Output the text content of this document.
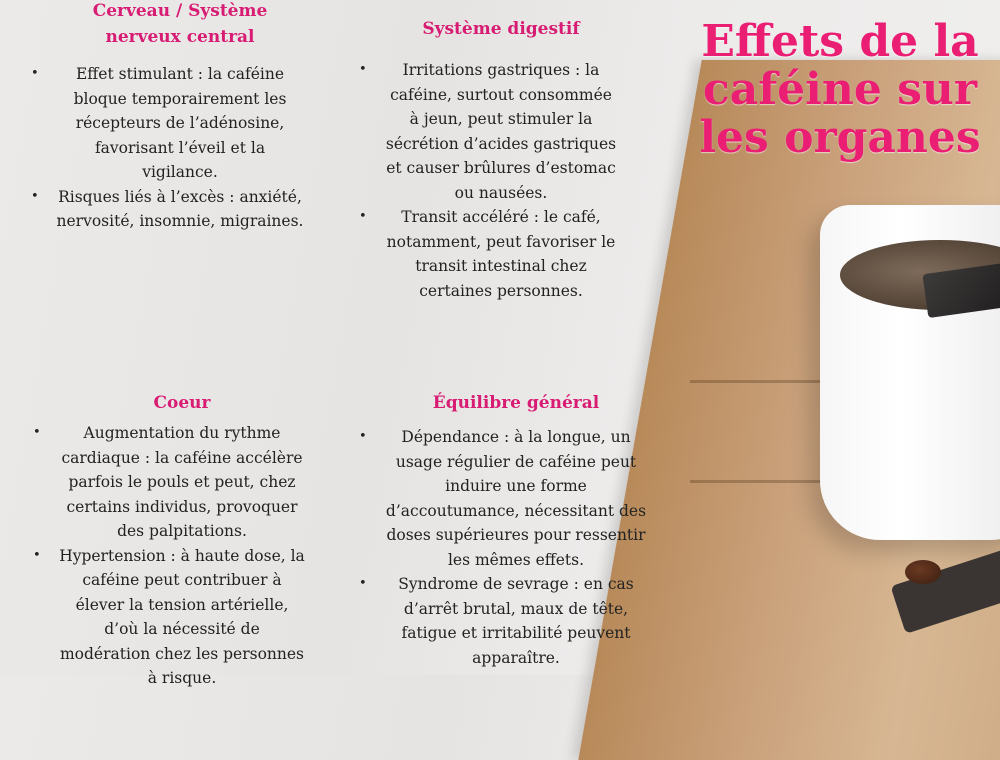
Effets de la caféine sur les organes
Cerveau / Système nerveux central
• Effet stimulant : la caféine bloque temporairement les récepteurs de l’adénosine, favorisant l’éveil et la vigilance.
• Risques liés à l’excès : anxiété, nervosité, insomnie, migraines.
Système digestif
• Irritations gastriques : la caféine, surtout consommée à jeun, peut stimuler la sécrétion d’acides gastriques et causer brûlures d’estomac ou nausées.
• Transit accéléré : le café, notamment, peut favoriser le transit intestinal chez certaines personnes.
Coeur
•	Augmentation du rythme cardiaque : la caféine accélère parfois le pouls et peut, chez certains individus, provoquer des palpitations.
• Hypertension : à haute dose, la caféine peut contribuer à élever la tension artérielle, d’où la nécessité de modération chez les personnes à risque.
Équilibre général
• Dépendance : à la longue, un usage régulier de caféine peut induire une forme d’accoutumance, nécessitant des doses supérieures pour ressentir les mêmes effets.
• Syndrome de sevrage : en cas d’arrêt brutal, maux de tête, fatigue et irritabilité peuvent apparaître.
